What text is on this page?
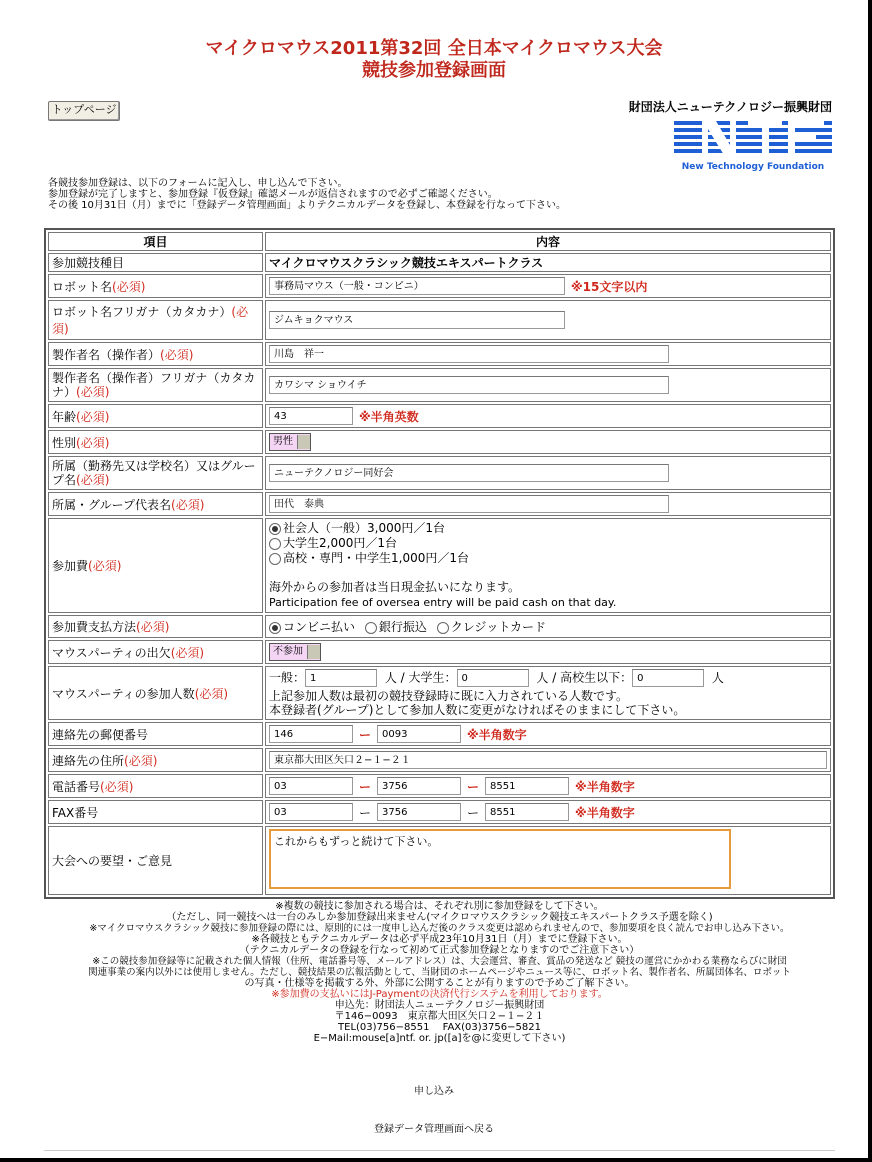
マイクロマウス2011第32回 全日本マイクロマウス大会
競技参加登録画面
トップページ	財団法人ニューテクノロジー振興財団
New Technology Foundation
各競技参加登録は、以下のフォームに記入し、申し込んで下さい。
参加登録が完了しますと、参加登録『仮登録』確認メールが返信されますので必ずご確認ください。
その後 10月31日（月）までに「登録データ管理画面」よりテクニカルデータを登録し、本登録を行なって下さい。
項目	内容
参加競技種目	マイクロマウスクラシック競技エキスパートクラス
ロボット名(必須)	事務局マウス（一般・コンピニ） ※15文字以内
ロボット名フリガナ（カタカナ）(必須)	ジムキョクマウス
製作者名（操作者）(必須)	川島　祥一
製作者名（操作者）フリガナ（カタカナ）(必須)	カワシマ ショウイチ
年齢(必須)	43 ※半角英数
性別(必須)	男性
所属（勤務先又は学校名）又はグループ名(必須)	ニューテクノロジー同好会
所属・グループ代表名(必須)	田代　泰典
参加費(必須)	社会人（一般）3,000円／1台
大学生2,000円／1台
高校・専門・中学生1,000円／1台
海外からの参加者は当日現金払いになります。
Participation fee of oversea entry will be paid cash on that day.

参加費支払方法(必須)	コンビニ払い 銀行振込 クレジットカード
マウスパーティの出欠(必須)	不参加
マウスパーティの参加人数(必須)	一般： 1 人 / 大学生： 0 人 / 高校生以下： 0 人
上記参加人数は最初の競技登録時に既に入力されている人数です。
本登録者(グループ)として参加人数に変更がなければそのままにして下さい。

連絡先の郵便番号	146 ー 0093 ※半角数字
連絡先の住所(必須)	東京都大田区矢口２−１−２１
電話番号(必須)	03 ー 3756 ー 8551 ※半角数字
FAX番号	03 ー 3756 ー 8551 ※半角数字
大会への要望・ご意見	これからもずっと続けて下さい。
※複数の競技に参加される場合は、それぞれ別に参加登録をして下さい。
（ただし、同一競技へは一台のみしか参加登録出来ません(マイクロマウスクラシック競技エキスパートクラス予選を除く)
※マイクロマウスクラシック競技に参加登録の際には、原則的には一度申し込んだ後のクラス変更は認められませんので、参加要項を良く読んでお申し込み下さい。
※各競技ともテクニカルデータは必ず平成23年10月31日（月）までに登録下さい。
（テクニカルデータの登録を行なって初めて正式参加登録となりますのでご注意下さい）
※この競技参加登録等に記載された個人情報（住所、電話番号等、メールアドレス）は、大会運営、審査、賞品の発送など 競技の運営にかかわる業務ならびに財団
関連事業の案内以外には使用しません。ただし、競技結果の広報活動として、当財団のホームページやニュース等に、ロボット名、製作者名、所属団体名、ロボット
の写真・仕様等を掲載する外、外部に公開することが有りますので予めご了解下さい。
※参加費の支払いにはJ-Paymentの決済代行システムを利用しております。
申込先：財団法人ニューテクノロジー振興財団
〒146−0093　東京都大田区矢口２−１−２１
TEL(03)756−8551　 FAX(03)3756−5821
E−Mail:mouse[a]ntf. or. jp([a]を@に変更して下さい)
申し込み
登録データ管理画面へ戻る
